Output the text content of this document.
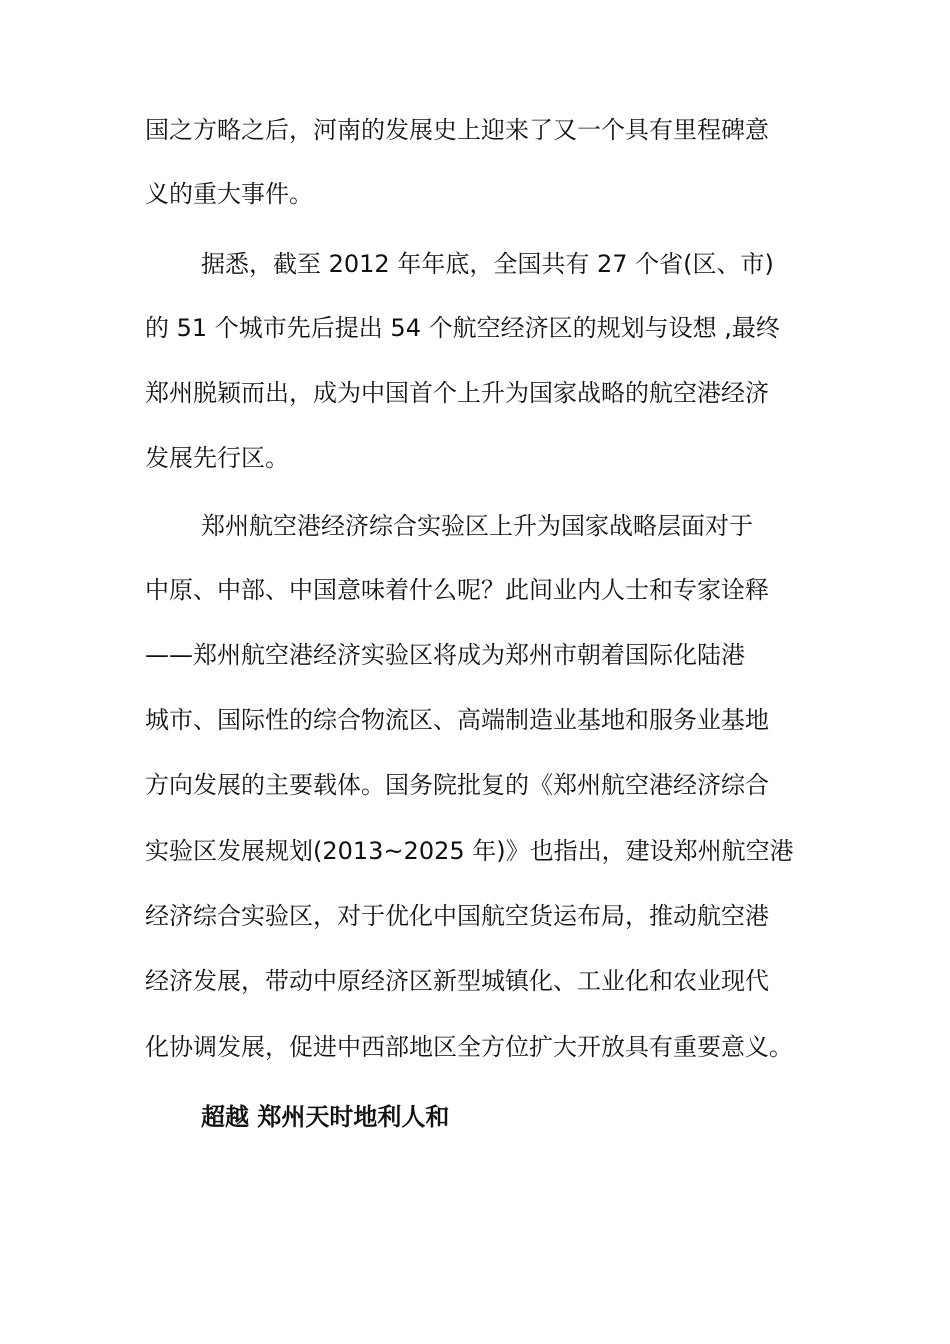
国之方略之后，河南的发展史上迎来了又一个具有里程碑意
义的重大事件。
据悉，截至 2012 年年底，全国共有 27 个省(区、市)
的 51 个城市先后提出 54 个航空经济区的规划与设想 ,最终
郑州脱颖而出，成为中国首个上升为国家战略的航空港经济
发展先行区。
郑州航空港经济综合实验区上升为国家战略层面对于
中原、中部、中国意味着什么呢？此间业内人士和专家诠释
——郑州航空港经济实验区将成为郑州市朝着国际化陆港
城市、国际性的综合物流区、高端制造业基地和服务业基地
方向发展的主要载体。国务院批复的《郑州航空港经济综合
实验区发展规划(2013~2025 年)》也指出，建设郑州航空港
经济综合实验区，对于优化中国航空货运布局，推动航空港
经济发展，带动中原经济区新型城镇化、工业化和农业现代
化协调发展，促进中西部地区全方位扩大开放具有重要意义。
超越 郑州天时地利人和
